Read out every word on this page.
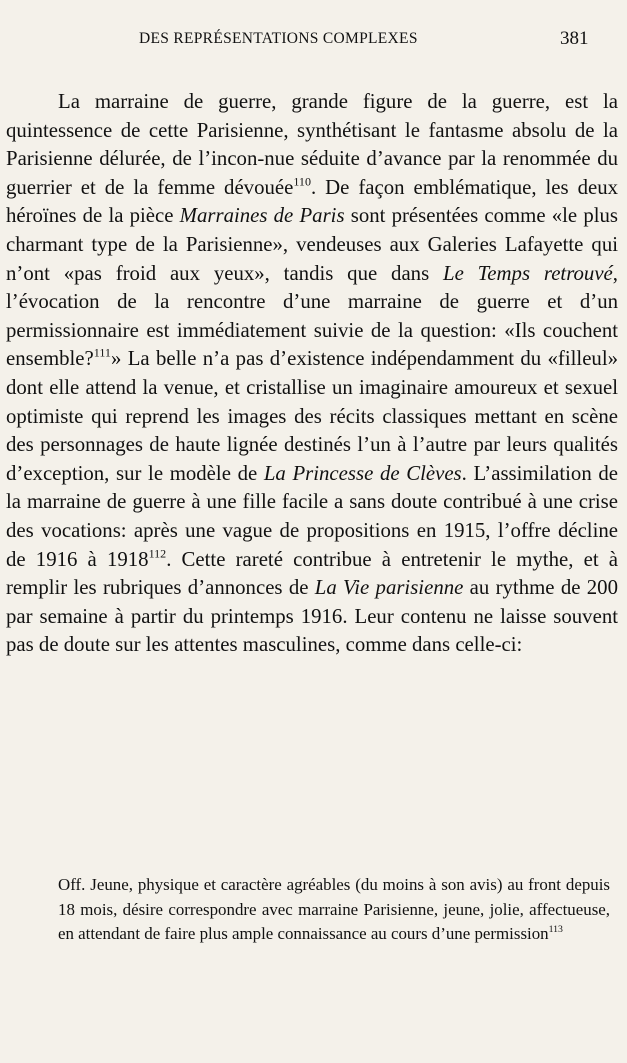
DES REPRÉSENTATIONS COMPLEXES	381

La marraine de guerre, grande figure de la guerre, est la quintessence de cette Parisienne, synthétisant le fantasme absolu de la Parisienne délurée, de l’incon-nue séduite d’avance par la renommée du guerrier et de la femme dévouée$^{110}$. De façon emblématique, les deux héroïnes de la pièce Marraines de Paris sont présentées comme «le plus charmant type de la Parisienne», vendeuses aux Galeries Lafayette qui n’ont «pas froid aux yeux», tandis que dans Le Temps retrouvé, l’évocation de la rencontre d’une marraine de guerre et d’un permissionnaire est immédiatement suivie de la question: «Ils couchent ensemble?$^{111}$» La belle n’a pas d’existence indépendamment du «filleul» dont elle attend la venue, et cristallise un imaginaire amoureux et sexuel optimiste qui reprend les images des récits classiques mettant en scène des personnages de haute lignée destinés l’un à l’autre par leurs qualités d’exception, sur le modèle de La Princesse de Clèves. L’assimilation de la marraine de guerre à une fille facile a sans doute contribué à une crise des vocations: après une vague de propositions en 1915, l’offre décline de 1916 à 1918$^{112}$. Cette rareté contribue à entretenir le mythe, et à remplir les rubriques d’annonces de La Vie parisienne au rythme de 200 par semaine à partir du printemps 1916. Leur contenu ne laisse souvent pas de doute sur les attentes masculines, comme dans celle-ci:

Off. Jeune, physique et caractère agréables (du moins à son avis) au front depuis 18 mois, désire correspondre avec marraine Parisienne, jeune, jolie, affectueuse, en attendant de faire plus ample connaissance au cours d’une permission$^{113}$
